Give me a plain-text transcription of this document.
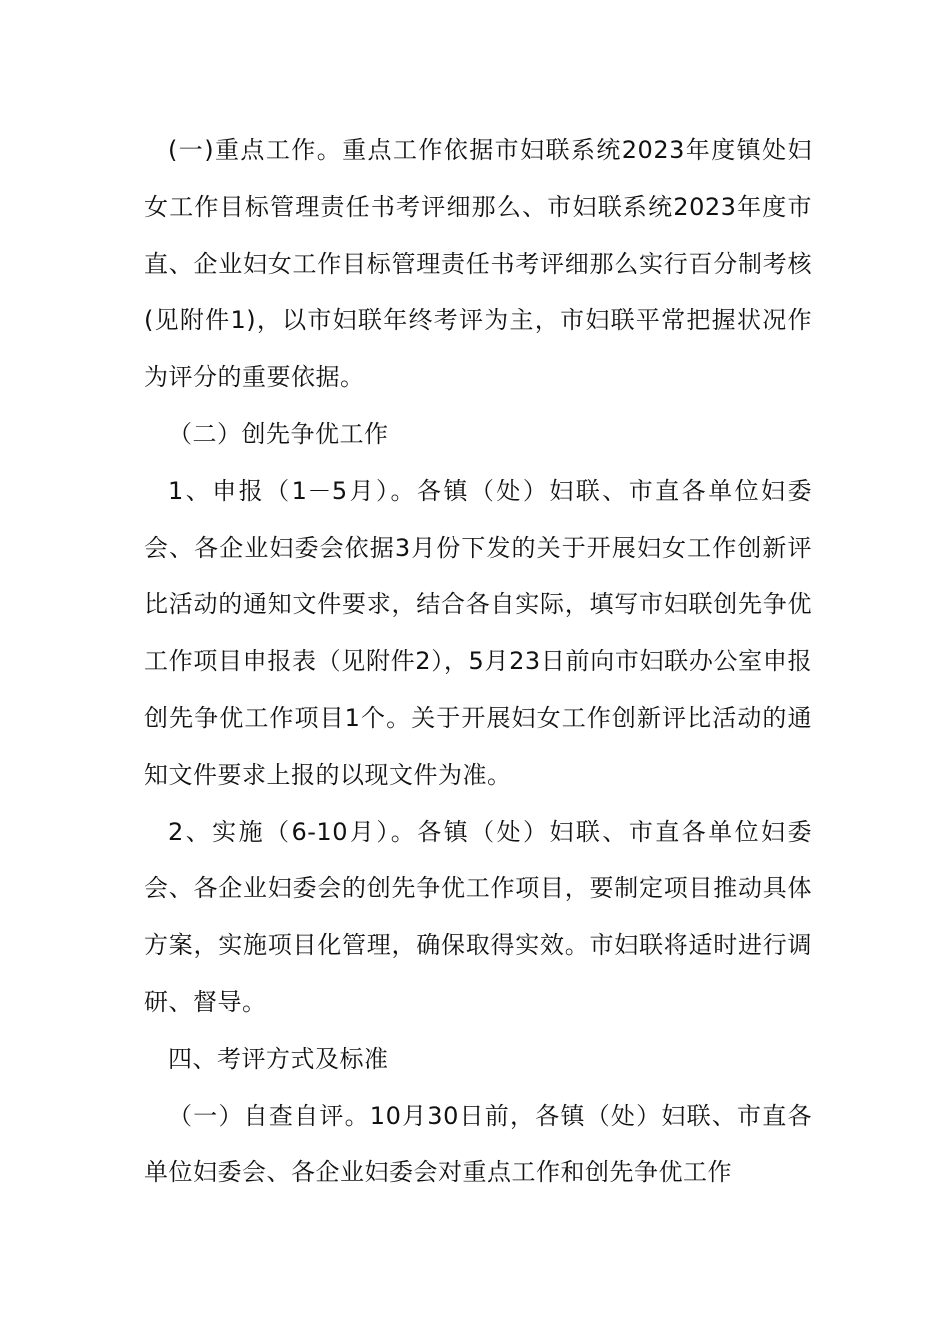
(一)重点工作。重点工作依据市妇联系统2023年度镇处妇女工作目标管理责任书考评细那么、市妇联系统2023年度市直、企业妇女工作目标管理责任书考评细那么实行百分制考核(见附件1)，以市妇联年终考评为主，市妇联平常把握状况作为评分的重要依据。

（二）创先争优工作

1、申报（1－5月）。各镇（处）妇联、市直各单位妇委会、各企业妇委会依据3月份下发的关于开展妇女工作创新评比活动的通知文件要求，结合各自实际，填写市妇联创先争优工作项目申报表（见附件2），5月23日前向市妇联办公室申报创先争优工作项目1个。关于开展妇女工作创新评比活动的通知文件要求上报的以现文件为准。

2、实施（6-10月）。各镇（处）妇联、市直各单位妇委会、各企业妇委会的创先争优工作项目，要制定项目推动具体方案，实施项目化管理，确保取得实效。市妇联将适时进行调研、督导。

四、考评方式及标准

（一）自查自评。10月30日前，各镇（处）妇联、市直各单位妇委会、各企业妇委会对重点工作和创先争优工作
